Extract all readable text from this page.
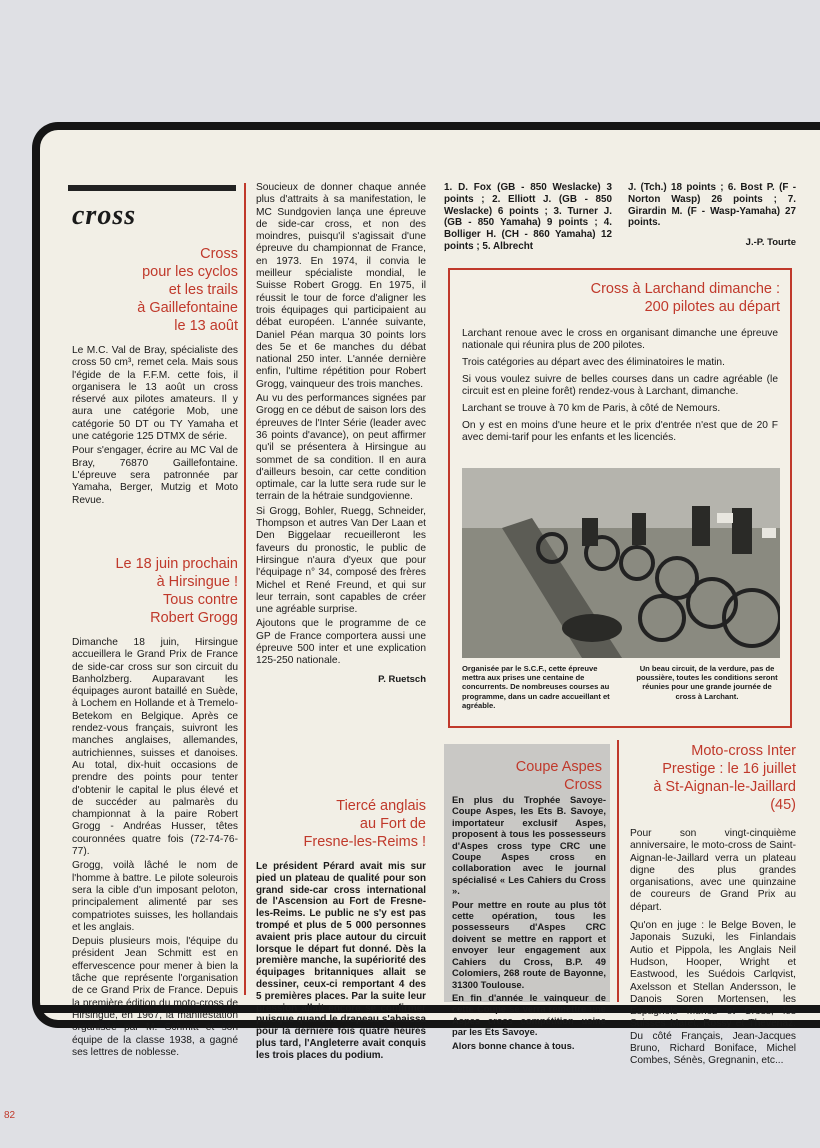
cross
Cross
pour les cyclos
et les trails
à Gaillefontaine
le 13 août

Le M.C. Val de Bray, spécialiste des cross 50 cm³, remet cela. Mais sous l'égide de la F.F.M. cette fois, il organisera le 13 août un cross réservé aux pilotes amateurs. Il y aura une catégorie Mob, une catégorie 50 DT ou TY Yamaha et une catégorie 125 DTMX de série.

Pour s'engager, écrire au MC Val de Bray, 76870 Gaillefontaine. L'épreuve sera patronnée par Yamaha, Berger, Mutzig et Moto Revue.

Le 18 juin prochain
à Hirsingue !
Tous contre
Robert Grogg

Dimanche 18 juin, Hirsingue accueillera le Grand Prix de France de side-car cross sur son circuit du Banholzberg. Auparavant les équipages auront bataillé en Suède, à Lochem en Hollande et à Tremelo-Betekom en Belgique. Après ce rendez-vous français, suivront les manches anglaises, allemandes, autrichiennes, suisses et danoises. Au total, dix-huit occasions de prendre des points pour tenter d'obtenir le capital le plus élevé et de succéder au palmarès du championnat à la paire Robert Grogg - Andréas Husser, têtes couronnées quatre fois (72-74-76-77).

Grogg, voilà lâché le nom de l'homme à battre. Le pilote soleurois sera la cible d'un imposant peloton, principalement alimenté par ses compatriotes suisses, les hollandais et les anglais.

Depuis plusieurs mois, l'équipe du président Jean Schmitt est en effervescence pour mener à bien la tâche que représente l'organisation de ce Grand Prix de France. Depuis la première édition du moto-cross de Hirsingue, en 1967, la manifestation organisée par M. Schmitt et son équipe de la classe 1938, a gagné ses lettres de noblesse.

Soucieux de donner chaque année plus d'attraits à sa manifestation, le MC Sundgovien lança une épreuve de side-car cross, et non des moindres, puisqu'il s'agissait d'une épreuve du championnat de France, en 1973. En 1974, il convia le meilleur spécialiste mondial, le Suisse Robert Grogg. En 1975, il réussit le tour de force d'aligner les trois équipages qui participaient au débat européen. L'année suivante, Daniel Péan marqua 30 points lors des 5e et 6e manches du débat national 250 inter. L'année dernière enfin, l'ultime répétition pour Robert Grogg, vainqueur des trois manches.

Au vu des performances signées par Grogg en ce début de saison lors des épreuves de l'Inter Série (leader avec 36 points d'avance), on peut affirmer qu'il se présentera à Hirsingue au sommet de sa condition. Il en aura d'ailleurs besoin, car cette condition optimale, car la lutte sera rude sur le terrain de la hétraie sundgovienne.

Si Grogg, Bohler, Ruegg, Schneider, Thompson et autres Van Der Laan et Den Biggelaar recueilleront les faveurs du pronostic, le public de Hirsingue n'aura d'yeux que pour l'équipage n° 34, composé des frères Michel et René Freund, et qui sur leur terrain, sont capables de créer une agréable surprise.

Ajoutons que le programme de ce GP de France comportera aussi une épreuve 500 inter et une explication 125-250 nationale.

P. Ruetsch
Tiercé anglais
au Fort de
Fresne-les-Reims !

Le président Pérard avait mis sur pied un plateau de qualité pour son grand side-car cross international de l'Ascension au Fort de Fresne-les-Reims. Le public ne s'y est pas trompé et plus de 5 000 personnes avaient pris place autour du circuit lorsque le départ fut donné. Dès la première manche, la supériorité des équipages britanniques allait se dessiner, ceux-ci remportant 4 des 5 premières places. Par la suite leur pression allait encore se confirmer puisque quand le drapeau s'abaissa pour la dernière fois quatre heures plus tard, l'Angleterre avait conquis les trois places du podium.

1. D. Fox (GB - 850 Weslacke) 3 points ; 2. Elliott J. (GB - 850 Weslacke) 6 points ; 3. Turner J. (GB - 850 Yamaha) 9 points ; 4. Bolliger H. (CH - 860 Yamaha) 12 points ; 5. Albrecht

J. (Tch.) 18 points ; 6. Bost P. (F - Norton Wasp) 26 points ; 7. Girardin M. (F - Wasp-Yamaha) 27 points.

J.-P. Tourte
Cross à Larchand dimanche :
200 pilotes au départ

Larchant renoue avec le cross en organisant dimanche une épreuve nationale qui réunira plus de 200 pilotes.

Trois catégories au départ avec des éliminatoires le matin.

Si vous voulez suivre de belles courses dans un cadre agréable (le circuit est en pleine forêt) rendez-vous à Larchant, dimanche.

Larchant se trouve à 70 km de Paris, à côté de Nemours.

On y est en moins d'une heure et le prix d'entrée n'est que de 20 F avec demi-tarif pour les enfants et les licenciés.

Organisée par le S.C.F., cette épreuve mettra aux prises une centaine de concurrents. De nombreuses courses au programme, dans un cadre accueillant et agréable.
Un beau circuit, de la verdure, pas de poussière, toutes les conditions seront réunies pour une grande journée de cross à Larchant.
Coupe Aspes
Cross

En plus du Trophée Savoye-Coupe Aspes, les Ets B. Savoye, importateur exclusif Aspes, proposent à tous les possesseurs d'Aspes cross type CRC une Coupe Aspes cross en collaboration avec le journal spécialisé « Les Cahiers du Cross ».

Pour mettre en route au plus tôt cette opération, tous les possesseurs d'Aspes CRC doivent se mettre en rapport et envoyer leur engagement aux Cahiers du Cross, B.P. 49 Colomiers, 268 route de Bayonne, 31300 Toulouse.

En fin d'année le vainqueur de cette Coupe se verra remettre une Aspes cross compétition usine par les Ets Savoye.

Alors bonne chance à tous.

Moto-cross Inter
Prestige : le 16 juillet
à St-Aignan-le-Jaillard
(45)

Pour son vingt-cinquième anniversaire, le moto-cross de Saint-Aignan-le-Jaillard verra un plateau digne des plus grandes organisations, avec une quinzaine de coureurs de Grand Prix au départ.

Qu'on en juge : le Belge Boven, le Japonais Suzuki, les Finlandais Autio et Pippola, les Anglais Neil Hudson, Hooper, Wright et Eastwood, les Suédois Carlqvist, Axelsson et Stellan Andersson, le Danois Soren Mortensen, les Espagnols Munoz et Cross, les Suisses Maret, Rossy et Thevenaz. Du côté Français, Jean-Jacques Bruno, Richard Boniface, Michel Combes, Sénès, Gregnanin, etc...

82
